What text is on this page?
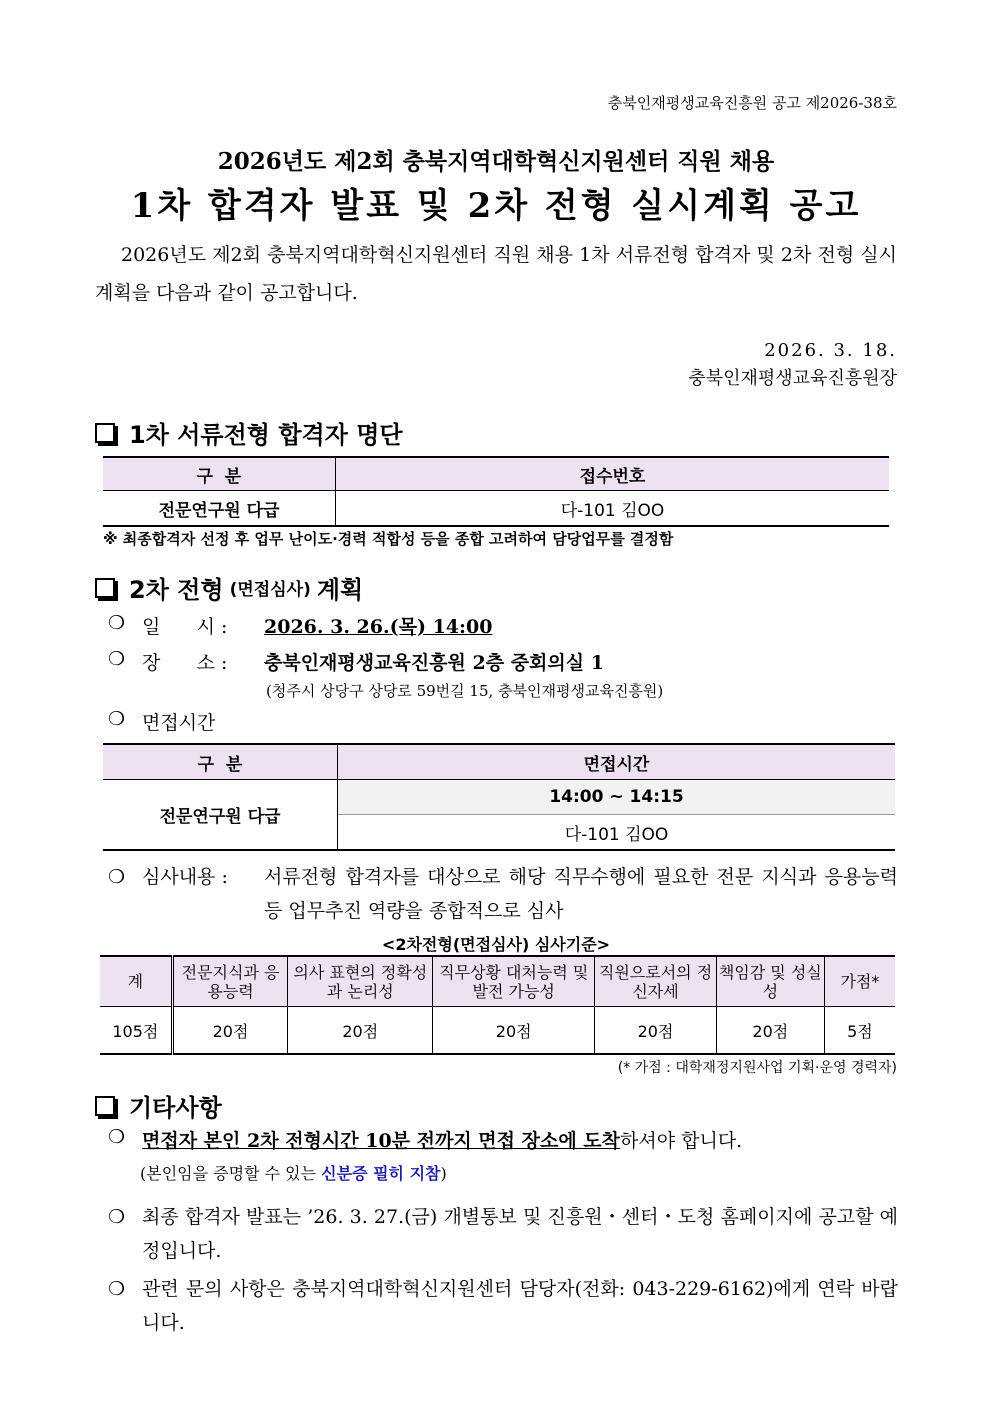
충북인재평생교육진흥원 공고 제2026-38호
2026년도 제2회 충북지역대학혁신지원센터 직원 채용
1차 합격자 발표 및 2차 전형 실시계획 공고
2026년도 제2회 충북지역대학혁신지원센터 직원 채용 1차 서류전형 합격자 및 2차 전형 실시계획을 다음과 같이 공고합니다.
2026. 3. 18.
충북인재평생교육진흥원장
1차 서류전형 합격자 명단
구  분	접수번호
전문연구원 다급	다-101 김OO
※ 최종합격자 선정 후 업무 난이도·경력 적합성 등을 종합 고려하여 담당업무를 결정함
2차 전형 (면접심사) 계획
❍ 일      시 :	2026. 3. 26.(목) 14:00
❍ 장      소 :	충북인재평생교육진흥원 2층 중회의실 1
(청주시 상당구 상당로 59번길 15, 충북인재평생교육진흥원)
❍ 면접시간
구  분	면접시간
전문연구원 다급	14:00 ~ 14:15
	다-101 김OO
❍ 심사내용 :	서류전형 합격자를 대상으로 해당 직무수행에 필요한 전문 지식과 응용능력 등 업무추진 역량을 종합적으로 심사
<2차전형(면접심사) 심사기준>
계	전문지식과 응용능력	의사 표현의 정확성과 논리성	직무상황 대처능력 및 발전 가능성	직원으로서의 정신자세	책임감 및 성실성	가점*
105점	20점	20점	20점	20점	20점	5점
(* 가점 : 대학재정지원사업 기획·운영 경력자)
기타사항
❍ 면접자 본인 2차 전형시간 10분 전까지 면접 장소에 도착하셔야 합니다.
(본인임을 증명할 수 있는 신분증 필히 지참)
❍ 최종 합격자 발표는 ’26. 3. 27.(금) 개별통보 및 진흥원・센터・도청 홈페이지에 공고할 예정입니다.
❍ 관련 문의 사항은 충북지역대학혁신지원센터 담당자(전화: 043-229-6162)에게 연락 바랍니다.
